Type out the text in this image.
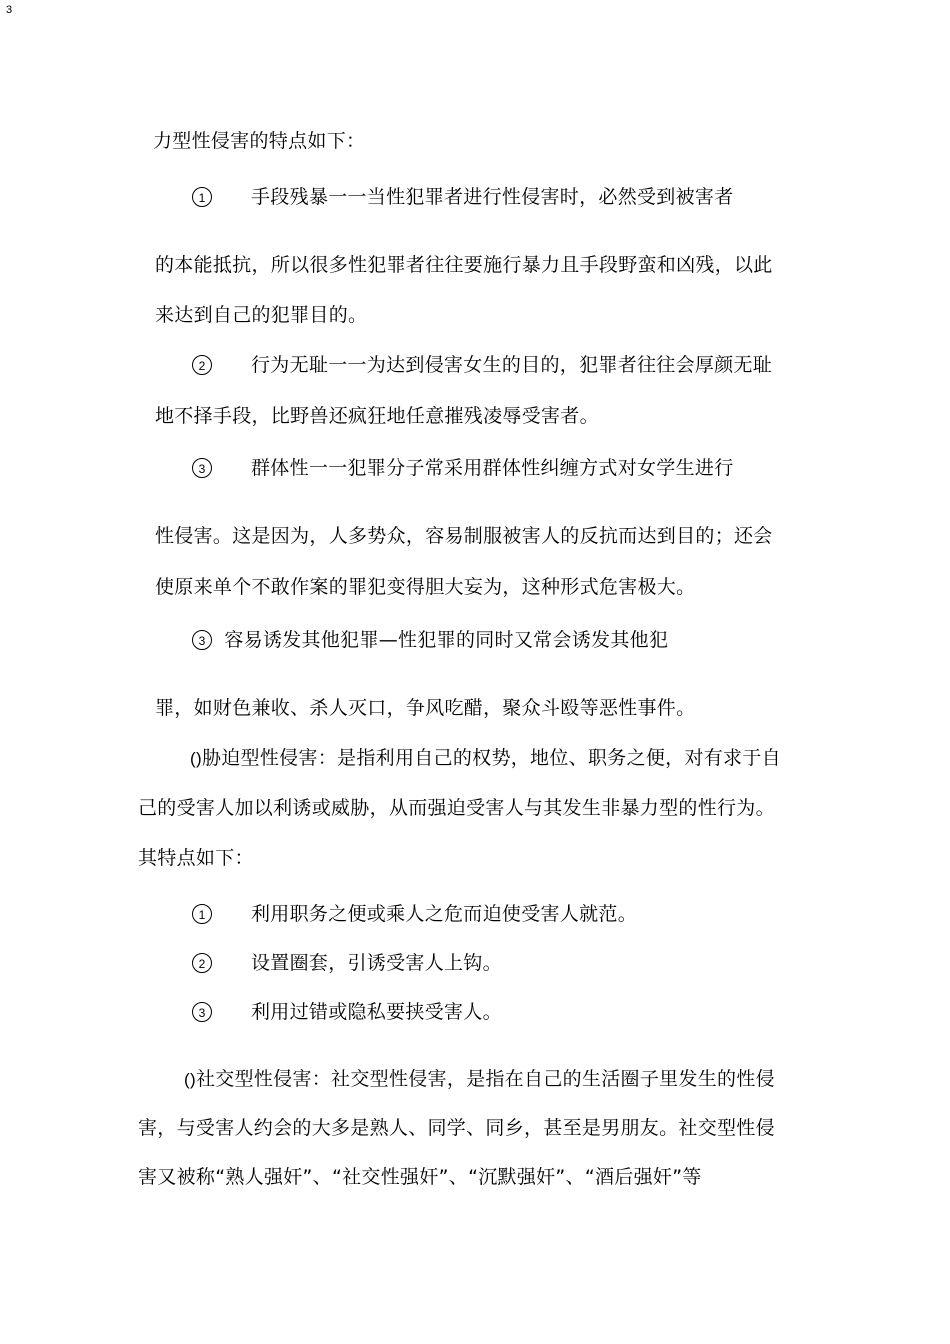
3
力型性侵害的特点如下：
1 手段残暴一一当性犯罪者进行性侵害时，必然受到被害者
的本能抵抗，所以很多性犯罪者往往要施行暴力且手段野蛮和凶残，以此
来达到自己的犯罪目的。
2 行为无耻一一为达到侵害女生的目的，犯罪者往往会厚颜无耻
地不择手段，比野兽还疯狂地任意摧残凌辱受害者。
3 群体性一一犯罪分子常采用群体性纠缠方式对女学生进行
性侵害。这是因为，人多势众，容易制服被害人的反抗而达到目的；还会
使原来单个不敢作案的罪犯变得胆大妄为，这种形式危害极大。
3 容易诱发其他犯罪—性犯罪的同时又常会诱发其他犯
罪，如财色兼收、杀人灭口，争风吃醋，聚众斗殴等恶性事件。
()胁迫型性侵害：是指利用自己的权势，地位、职务之便，对有求于自
己的受害人加以利诱或威胁，从而强迫受害人与其发生非暴力型的性行为。
其特点如下：
1 利用职务之便或乘人之危而迫使受害人就范。
2 设置圈套，引诱受害人上钩。
3 利用过错或隐私要挟受害人。
()社交型性侵害：社交型性侵害，是指在自己的生活圈子里发生的性侵
害，与受害人约会的大多是熟人、同学、同乡，甚至是男朋友。社交型性侵
害又被称“熟人强奸”、“社交性强奸”、“沉默强奸”、“酒后强奸”等
